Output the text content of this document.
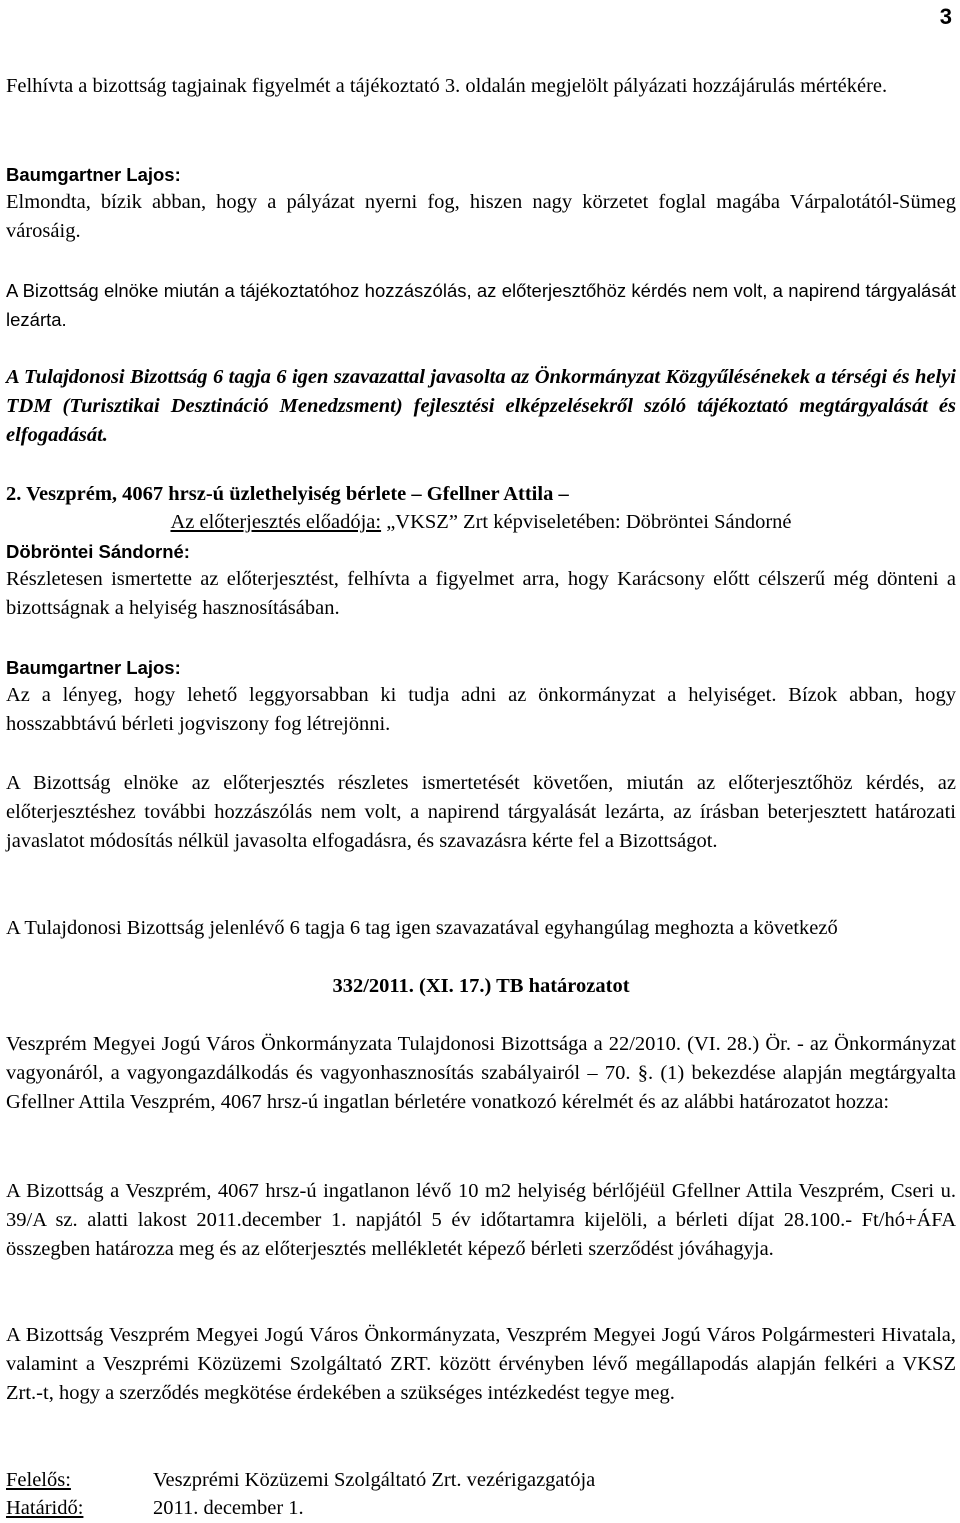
3

Felhívta a bizottság tagjainak figyelmét a tájékoztató 3. oldalán megjelölt pályázati hozzájárulás mértékére.

Baumgartner Lajos:

Elmondta, bízik abban, hogy a pályázat nyerni fog, hiszen nagy körzetet foglal magába Várpalotától-Sümeg városáig.

A Bizottság elnöke miután a tájékoztatóhoz hozzászólás, az előterjesztőhöz kérdés nem volt, a napirend tárgyalását lezárta.

A Tulajdonosi Bizottság 6 tagja 6 igen szavazattal javasolta az Önkormányzat Közgyűlésénekek a térségi és helyi TDM (Turisztikai Desztináció Menedzsment) fejlesztési elképzelésekről szóló tájékoztató megtárgyalását és elfogadását.

2. Veszprém, 4067 hrsz-ú üzlethelyiség bérlete – Gfellner Attila –
Az előterjesztés előadója: „VKSZ” Zrt képviseletében: Döbröntei Sándorné
Döbröntei Sándorné:

Részletesen ismertette az előterjesztést, felhívta a figyelmet arra, hogy Karácsony előtt célszerű még dönteni a bizottságnak a helyiség hasznosításában.

Baumgartner Lajos:

Az a lényeg, hogy lehető leggyorsabban ki tudja adni az önkormányzat a helyiséget. Bízok abban, hogy hosszabbtávú bérleti jogviszony fog létrejönni.

A Bizottság elnöke az előterjesztés részletes ismertetését követően, miután az előterjesztőhöz kérdés, az előterjesztéshez további hozzászólás nem volt, a napirend tárgyalását lezárta, az írásban beterjesztett határozati javaslatot módosítás nélkül javasolta elfogadásra, és szavazásra kérte fel a Bizottságot.

A Tulajdonosi Bizottság jelenlévő 6 tagja 6 tag igen szavazatával egyhangúlag meghozta a következő

332/2011. (XI. 17.) TB határozatot

Veszprém Megyei Jogú Város Önkormányzata Tulajdonosi Bizottsága a 22/2010. (VI. 28.) Ör. - az Önkormányzat vagyonáról, a vagyongazdálkodás és vagyonhasznosítás szabályairól – 70. §. (1) bekezdése alapján megtárgyalta Gfellner Attila Veszprém, 4067 hrsz-ú ingatlan bérletére vonatkozó kérelmét és az alábbi határozatot hozza:

A Bizottság a Veszprém, 4067 hrsz-ú ingatlanon lévő 10 m2 helyiség bérlőjéül Gfellner Attila Veszprém, Cseri u. 39/A sz. alatti lakost 2011.december 1. napjától 5 év időtartamra kijelöli, a bérleti díjat 28.100.- Ft/hó+ÁFA összegben határozza meg és az előterjesztés mellékletét képező bérleti szerződést jóváhagyja.

A Bizottság Veszprém Megyei Jogú Város Önkormányzata, Veszprém Megyei Jogú Város Polgármesteri Hivatala, valamint a Veszprémi Közüzemi Szolgáltató ZRT. között érvényben lévő megállapodás alapján felkéri a VKSZ Zrt.-t, hogy a szerződés megkötése érdekében a szükséges intézkedést tegye meg.

Felelős:	Veszprémi Közüzemi Szolgáltató Zrt. vezérigazgatója
Határidő:	2011. december 1.
